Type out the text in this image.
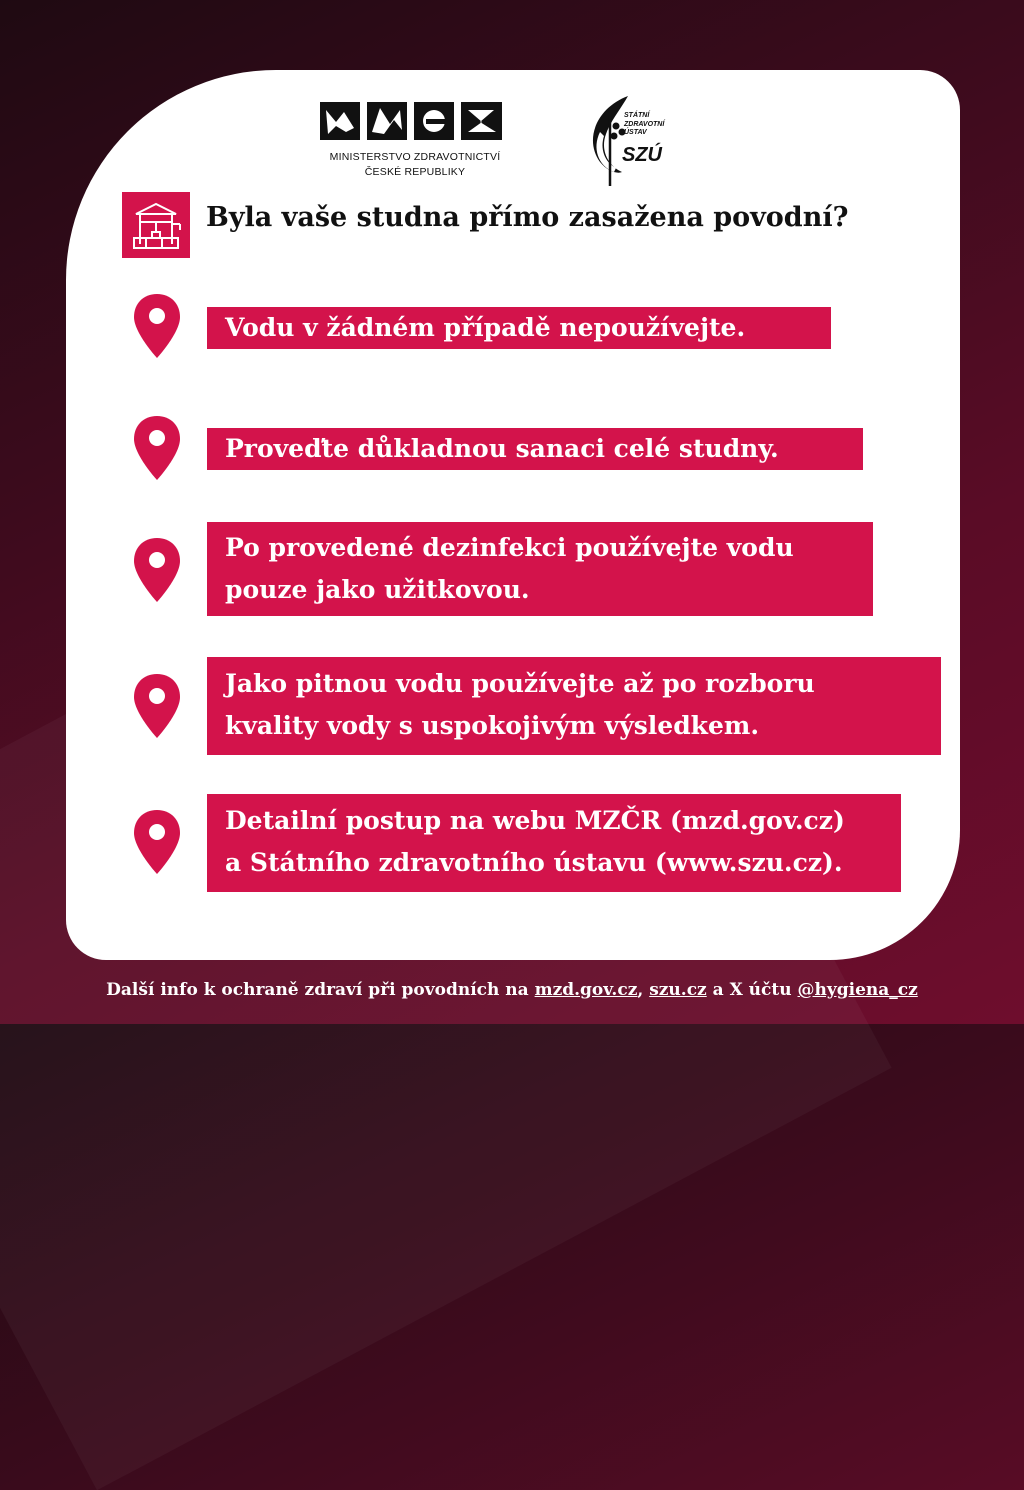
MINISTERSTVO ZDRAVOTNICTVÍ
ČESKÉ REPUBLIKY
STÁTNÍ
ZDRAVOTNÍ
ÚSTAV
SZÚ
Byla vaše studna přímo zasažena povodní?
Vodu v žádném případě nepoužívejte.
Proveďte důkladnou sanaci celé studny.
Po provedené dezinfekci používejte vodu
pouze jako užitkovou.
Jako pitnou vodu používejte až po rozboru
kvality vody s uspokojivým výsledkem.
Detailní postup na webu MZČR (mzd.gov.cz)
a Státního zdravotního ústavu (www.szu.cz).
Další info k ochraně zdraví při povodních na mzd.gov.cz, szu.cz a X účtu @hygiena_cz
